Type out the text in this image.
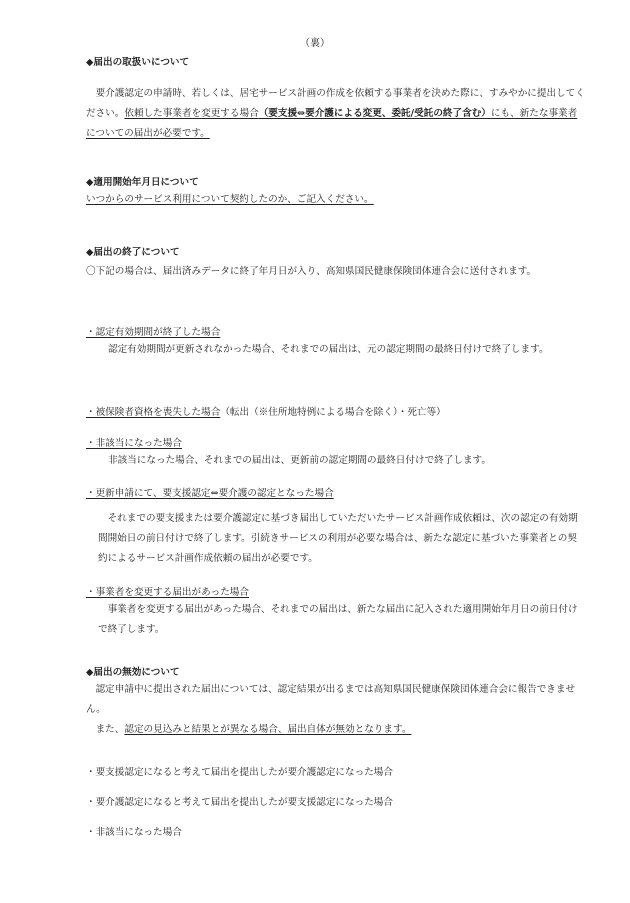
（裏）
◆届出の取扱いについて
要介護認定の申請時、若しくは、居宅サービス計画の作成を依頼する事業者を決めた際に、すみやかに提出してください。依頼した事業者を変更する場合（要支援⇔要介護による変更、委託/受託の終了含む）にも、新たな事業者についての届出が必要です。
◆適用開始年月日について
いつからのサービス利用について契約したのか、ご記入ください。
◆届出の終了について
〇下記の場合は、届出済みデータに終了年月日が入り、高知県国民健康保険団体連合会に送付されます。
・認定有効期間が終了した場合
認定有効期間が更新されなかった場合、それまでの届出は、元の認定期間の最終日付けで終了します。
・被保険者資格を喪失した場合（転出（※住所地特例による場合を除く）・死亡等）
・非該当になった場合
非該当になった場合、それまでの届出は、更新前の認定期間の最終日付けで終了します。
・更新申請にて、要支援認定⇔要介護の認定となった場合
それまでの要支援または要介護認定に基づき届出していただいたサービス計画作成依頼は、次の認定の有効期間開始日の前日付けで終了します。引続きサービスの利用が必要な場合は、新たな認定に基づいた事業者との契約によるサービス計画作成依頼の届出が必要です。
・事業者を変更する届出があった場合
事業者を変更する届出があった場合、それまでの届出は、新たな届出に記入された適用開始年月日の前日付けで終了します。
◆届出の無効について
認定申請中に提出された届出については、認定結果が出るまでは高知県国民健康保険団体連合会に報告できません。
また、認定の見込みと結果とが異なる場合、届出自体が無効となります。
・要支援認定になると考えて届出を提出したが要介護認定になった場合
・要介護認定になると考えて届出を提出したが要支援認定になった場合
・非該当になった場合
